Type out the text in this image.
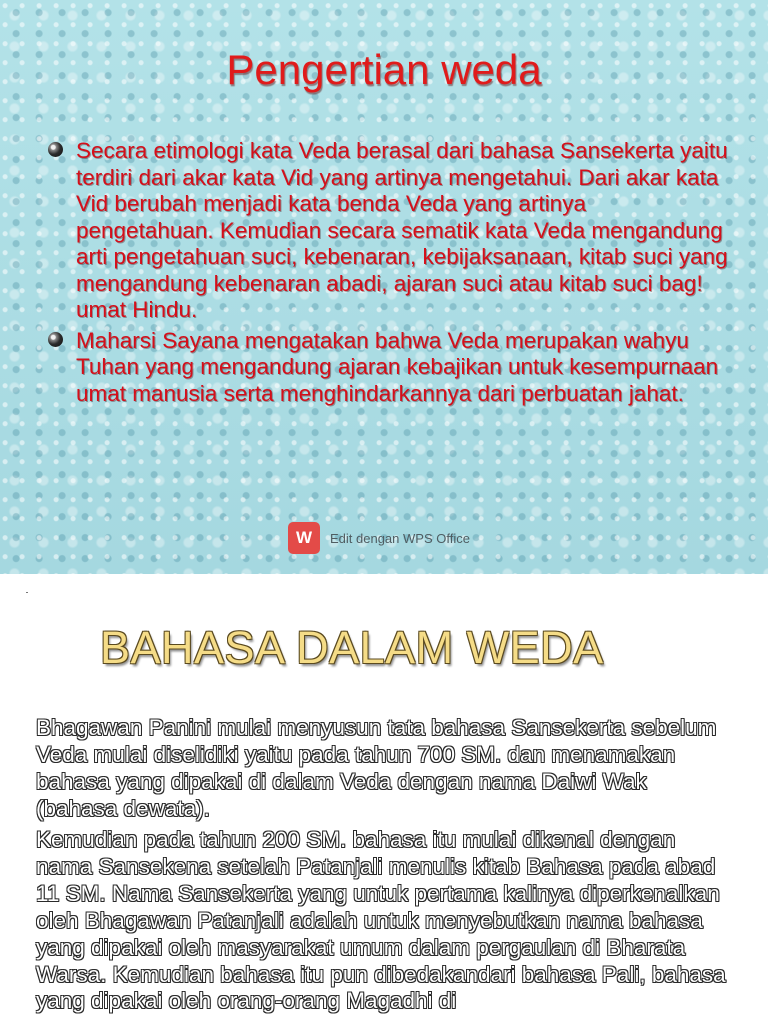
Pengertian weda
Secara etimologi kata Veda berasal dari bahasa Sansekerta yaitu terdiri dari akar kata Vid yang artinya mengetahui. Dari akar kata Vid berubah menjadi kata benda Veda yang artinya pengetahuan. Kemudian secara sematik kata Veda mengandung arti pengetahuan suci, kebenaran, kebijaksanaan, kitab suci yang mengandung kebenaran abadi, ajaran suci atau kitab suci bag! umat Hindu.
Maharsi Sayana mengatakan bahwa Veda merupakan wahyu Tuhan yang mengandung ajaran kebajikan untuk kesempurnaan umat manusia serta menghindarkannya dari perbuatan jahat.
W	Edit dengan WPS Office
BAHASA DALAM WEDA

Bhagawan Panini mulai menyusun tata bahasa Sansekerta sebelum Veda mulai diselidiki yaitu pada tahun 700 SM. dan menamakan bahasa yang dipakai di dalam Veda dengan nama Daiwi Wak (bahasa dewata).

Kemudian pada tahun 200 SM. bahasa itu mulai dikenal dengan nama Sansekena setelah Patanjali menulis kitab Bahasa pada abad 11 SM. Nama Sansekerta yang untuk pertama kalinya diperkenalkan oleh Bhagawan Patanjali adalah untuk menyebutkan nama bahasa yang dipakai oleh masyarakat umum dalam pergaulan di Bharata Warsa. Kemudian bahasa itu pun dibedakandari bahasa Pali, bahasa yang dipakai oleh orang-orang Magadhi di
